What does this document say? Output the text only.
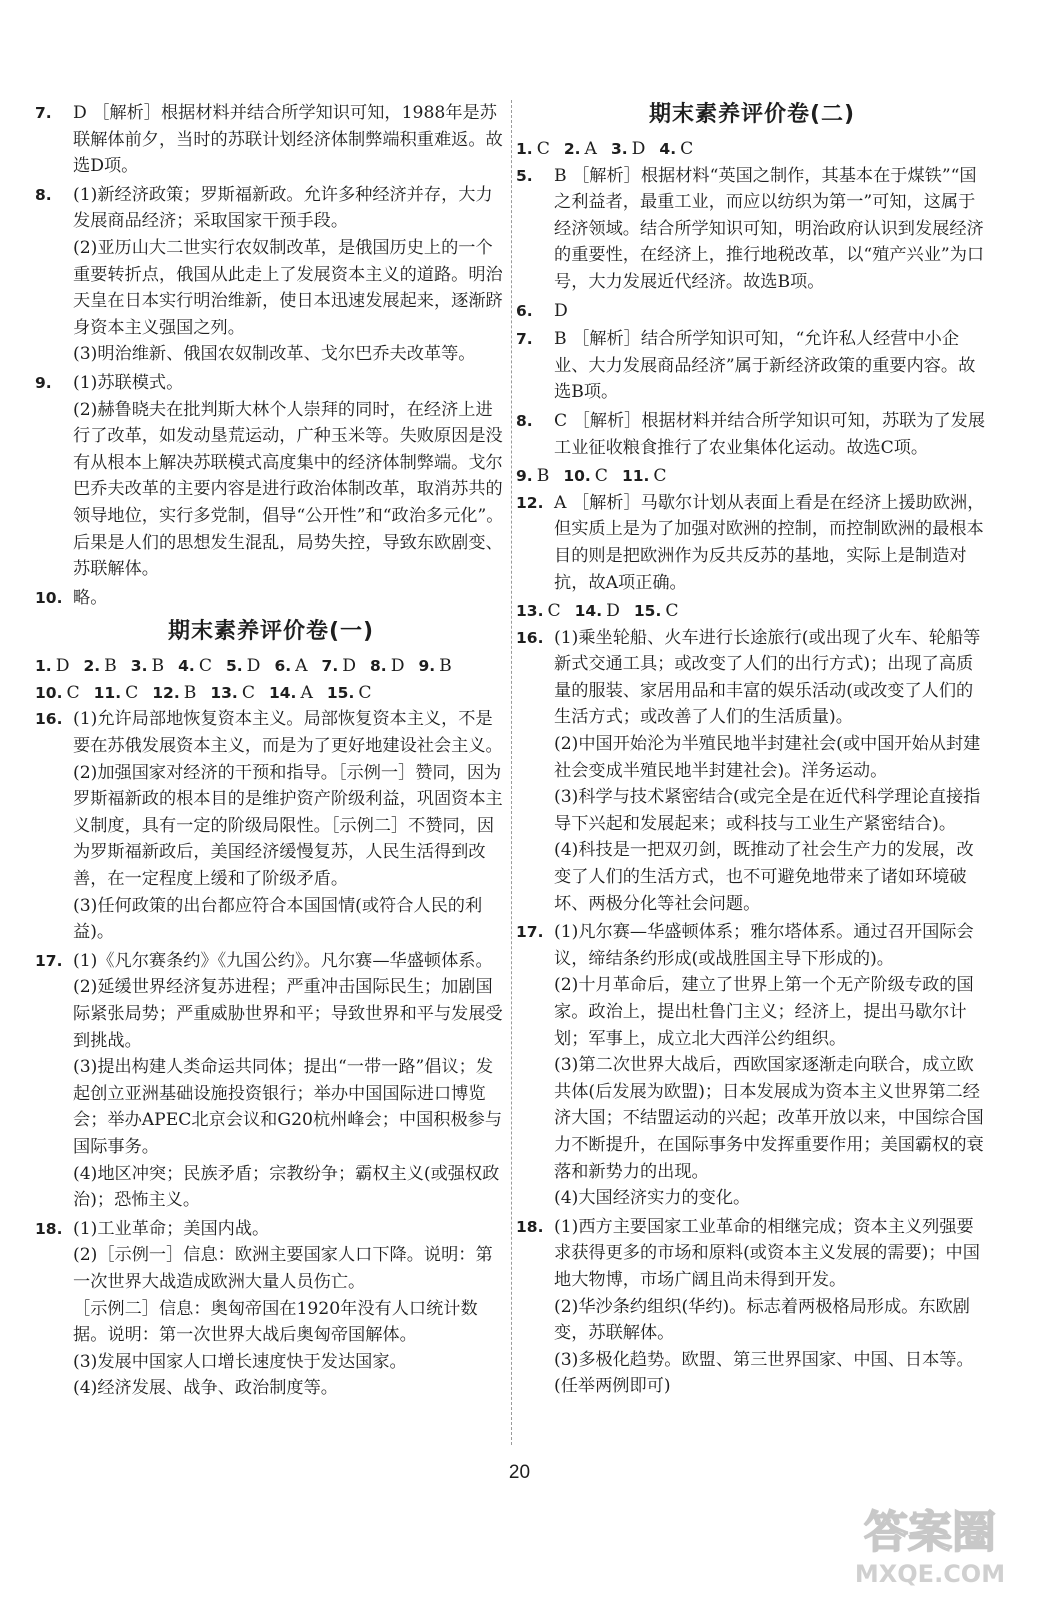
7. D ［解析］根据材料并结合所学知识可知，1988年是苏联解体前夕，当时的苏联计划经济体制弊端积重难返。故选D项。
8. (1)新经济政策；罗斯福新政。允许多种经济并存，大力发展商品经济；采取国家干预手段。

(2)亚历山大二世实行农奴制改革，是俄国历史上的一个重要转折点，俄国从此走上了发展资本主义的道路。明治天皇在日本实行明治维新，使日本迅速发展起来，逐渐跻身资本主义强国之列。

(3)明治维新、俄国农奴制改革、戈尔巴乔夫改革等。

9. (1)苏联模式。

(2)赫鲁晓夫在批判斯大林个人崇拜的同时，在经济上进行了改革，如发动垦荒运动，广种玉米等。失败原因是没有从根本上解决苏联模式高度集中的经济体制弊端。戈尔巴乔夫改革的主要内容是进行政治体制改革，取消苏共的领导地位，实行多党制，倡导“公开性”和“政治多元化”。后果是人们的思想发生混乱，局势失控，导致东欧剧变、苏联解体。

10. 略。
期末素养评价卷(一)
1. D 2. B 3. B 4. C 5. D 6. A 7. D 8. D 9. B
10. C 11. C 12. B 13. C 14. A 15. C
16. (1)允许局部地恢复资本主义。局部恢复资本主义，不是要在苏俄发展资本主义，而是为了更好地建设社会主义。

(2)加强国家对经济的干预和指导。［示例一］赞同，因为罗斯福新政的根本目的是维护资产阶级利益，巩固资本主义制度，具有一定的阶级局限性。［示例二］不赞同，因为罗斯福新政后，美国经济缓慢复苏，人民生活得到改善，在一定程度上缓和了阶级矛盾。

(3)任何政策的出台都应符合本国国情(或符合人民的利益)。

17. (1)《凡尔赛条约》《九国公约》。凡尔赛—华盛顿体系。

(2)延缓世界经济复苏进程；严重冲击国际民生；加剧国际紧张局势；严重威胁世界和平；导致世界和平与发展受到挑战。

(3)提出构建人类命运共同体；提出“一带一路”倡议；发起创立亚洲基础设施投资银行；举办中国国际进口博览会；举办APEC北京会议和G20杭州峰会；中国积极参与国际事务。

(4)地区冲突；民族矛盾；宗教纷争；霸权主义(或强权政治)；恐怖主义。

18. (1)工业革命；美国内战。

(2)［示例一］信息：欧洲主要国家人口下降。说明：第一次世界大战造成欧洲大量人员伤亡。

［示例二］信息：奥匈帝国在1920年没有人口统计数据。说明：第一次世界大战后奥匈帝国解体。

(3)发展中国家人口增长速度快于发达国家。

(4)经济发展、战争、政治制度等。

期末素养评价卷(二)
1. C 2. A 3. D 4. C
5. B ［解析］根据材料“英国之制作，其基本在于煤铁”“国之利益者，最重工业，而应以纺织为第一”可知，这属于经济领域。结合所学知识可知，明治政府认识到发展经济的重要性，在经济上，推行地税改革，以“殖产兴业”为口号，大力发展近代经济。故选B项。
6. D
7. B ［解析］结合所学知识可知，“允许私人经营中小企业、大力发展商品经济”属于新经济政策的重要内容。故选B项。
8. C ［解析］根据材料并结合所学知识可知，苏联为了发展工业征收粮食推行了农业集体化运动。故选C项。
9. B 10. C 11. C
12. A ［解析］马歇尔计划从表面上看是在经济上援助欧洲，但实质上是为了加强对欧洲的控制，而控制欧洲的最根本目的则是把欧洲作为反共反苏的基地，实际上是制造对抗，故A项正确。
13. C 14. D 15. C
16. (1)乘坐轮船、火车进行长途旅行(或出现了火车、轮船等新式交通工具；或改变了人们的出行方式)；出现了高质量的服装、家居用品和丰富的娱乐活动(或改变了人们的生活方式；或改善了人们的生活质量)。

(2)中国开始沦为半殖民地半封建社会(或中国开始从封建社会变成半殖民地半封建社会)。洋务运动。

(3)科学与技术紧密结合(或完全是在近代科学理论直接指导下兴起和发展起来；或科技与工业生产紧密结合)。

(4)科技是一把双刃剑，既推动了社会生产力的发展，改变了人们的生活方式，也不可避免地带来了诸如环境破坏、两极分化等社会问题。

17. (1)凡尔赛—华盛顿体系；雅尔塔体系。通过召开国际会议，缔结条约形成(或战胜国主导下形成的)。

(2)十月革命后，建立了世界上第一个无产阶级专政的国家。政治上，提出杜鲁门主义；经济上，提出马歇尔计划；军事上，成立北大西洋公约组织。

(3)第二次世界大战后，西欧国家逐渐走向联合，成立欧共体(后发展为欧盟)；日本发展成为资本主义世界第二经济大国；不结盟运动的兴起；改革开放以来，中国综合国力不断提升，在国际事务中发挥重要作用；美国霸权的衰落和新势力的出现。

(4)大国经济实力的变化。

18. (1)西方主要国家工业革命的相继完成；资本主义列强要求获得更多的市场和原料(或资本主义发展的需要)；中国地大物博，市场广阔且尚未得到开发。

(2)华沙条约组织(华约)。标志着两极格局形成。东欧剧变，苏联解体。

(3)多极化趋势。欧盟、第三世界国家、中国、日本等。(任举两例即可)

20
答案圈
MXQE.COM
